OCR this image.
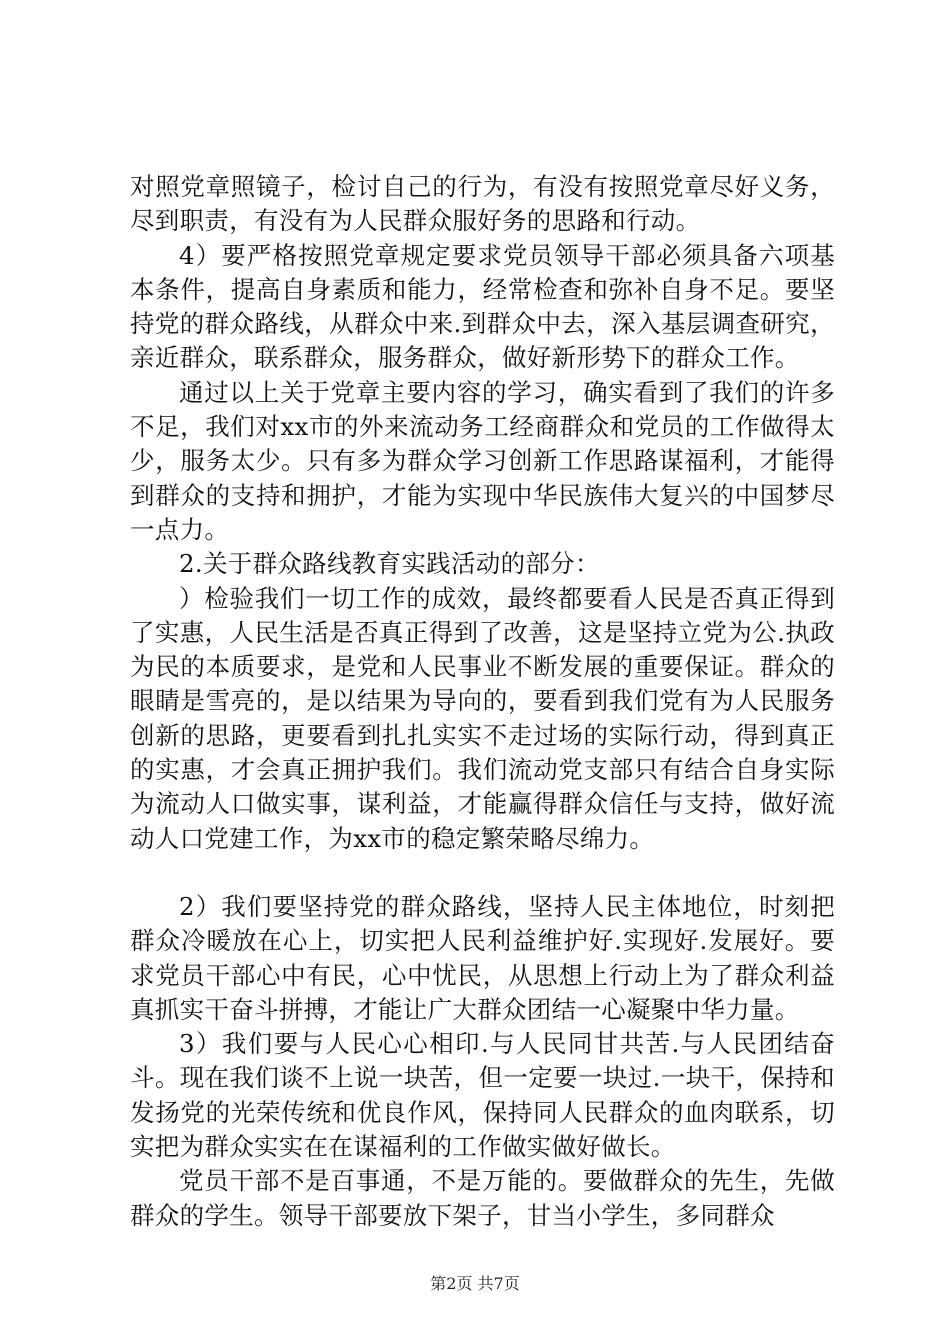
对照党章照镜子，检讨自己的行为，有没有按照党章尽好义务，尽到职责，有没有为人民群众服好务的思路和行动。

4）要严格按照党章规定要求党员领导干部必须具备六项基本条件，提高自身素质和能力，经常检查和弥补自身不足。要坚持党的群众路线，从群众中来.到群众中去，深入基层调查研究，亲近群众，联系群众，服务群众，做好新形势下的群众工作。

通过以上关于党章主要内容的学习，确实看到了我们的许多不足，我们对xx市的外来流动务工经商群众和党员的工作做得太少，服务太少。只有多为群众学习创新工作思路谋福利，才能得到群众的支持和拥护，才能为实现中华民族伟大复兴的中国梦尽一点力。

2.关于群众路线教育实践活动的部分：

）检验我们一切工作的成效，最终都要看人民是否真正得到了实惠，人民生活是否真正得到了改善，这是坚持立党为公.执政为民的本质要求，是党和人民事业不断发展的重要保证。群众的眼睛是雪亮的，是以结果为导向的，要看到我们党有为人民服务创新的思路，更要看到扎扎实实不走过场的实际行动，得到真正的实惠，才会真正拥护我们。我们流动党支部只有结合自身实际为流动人口做实事，谋利益，才能赢得群众信任与支持，做好流动人口党建工作，为xx市的稳定繁荣略尽绵力。

2）我们要坚持党的群众路线，坚持人民主体地位，时刻把群众冷暖放在心上，切实把人民利益维护好.实现好.发展好。要求党员干部心中有民，心中忧民，从思想上行动上为了群众利益真抓实干奋斗拼搏，才能让广大群众团结一心凝聚中华力量。

3）我们要与人民心心相印.与人民同甘共苦.与人民团结奋斗。现在我们谈不上说一块苦，但一定要一块过.一块干，保持和发扬党的光荣传统和优良作风，保持同人民群众的血肉联系，切实把为群众实实在在谋福利的工作做实做好做长。

党员干部不是百事通，不是万能的。要做群众的先生，先做群众的学生。领导干部要放下架子，甘当小学生，多同群众

第2页 共7页
